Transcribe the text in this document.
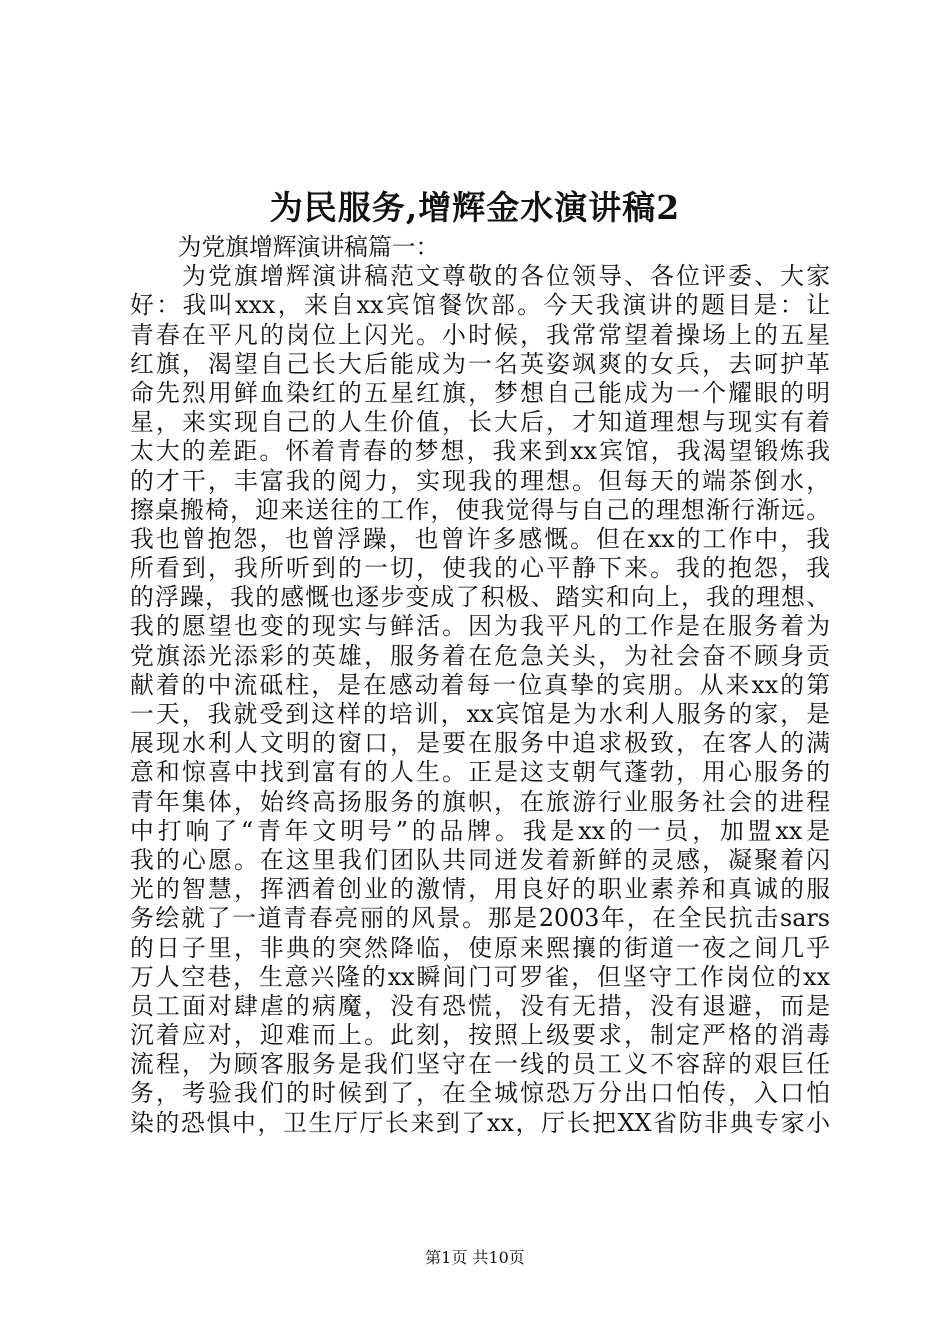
为民服务,增辉金水演讲稿2
　　为党旗增辉演讲稿篇一：
　　为党旗增辉演讲稿范文尊敬的各位领导、各位评委、大家
好：我叫xxx，来自xx宾馆餐饮部。今天我演讲的题目是：让
青春在平凡的岗位上闪光。小时候，我常常望着操场上的五星
红旗，渴望自己长大后能成为一名英姿飒爽的女兵，去呵护革
命先烈用鲜血染红的五星红旗，梦想自己能成为一个耀眼的明
星，来实现自己的人生价值，长大后，才知道理想与现实有着
太大的差距。怀着青春的梦想，我来到xx宾馆，我渴望锻炼我
的才干，丰富我的阅力，实现我的理想。但每天的端茶倒水，
擦桌搬椅，迎来送往的工作，使我觉得与自己的理想渐行渐远。
我也曾抱怨，也曾浮躁，也曾许多感慨。但在xx的工作中，我
所看到，我所听到的一切，使我的心平静下来。我的抱怨，我
的浮躁，我的感慨也逐步变成了积极、踏实和向上，我的理想、
我的愿望也变的现实与鲜活。因为我平凡的工作是在服务着为
党旗添光添彩的英雄，服务着在危急关头，为社会奋不顾身贡
献着的中流砥柱，是在感动着每一位真挚的宾朋。从来xx的第
一天，我就受到这样的培训，xx宾馆是为水利人服务的家，是
展现水利人文明的窗口，是要在服务中追求极致，在客人的满
意和惊喜中找到富有的人生。正是这支朝气蓬勃，用心服务的
青年集体，始终高扬服务的旗帜，在旅游行业服务社会的进程
中打响了“青年文明号”的品牌。我是xx的一员，加盟xx是
我的心愿。在这里我们团队共同迸发着新鲜的灵感，凝聚着闪
光的智慧，挥洒着创业的激情，用良好的职业素养和真诚的服
务绘就了一道青春亮丽的风景。那是2003年，在全民抗击sars
的日子里，非典的突然降临，使原来熙攘的街道一夜之间几乎
万人空巷，生意兴隆的xx瞬间门可罗雀，但坚守工作岗位的xx
员工面对肆虐的病魔，没有恐慌，没有无措，没有退避，而是
沉着应对，迎难而上。此刻，按照上级要求，制定严格的消毒
流程，为顾客服务是我们坚守在一线的员工义不容辞的艰巨任
务，考验我们的时候到了，在全城惊恐万分出口怕传，入口怕
染的恐惧中，卫生厅厅长来到了xx，厅长把XX省防非典专家小
第1页 共10页
